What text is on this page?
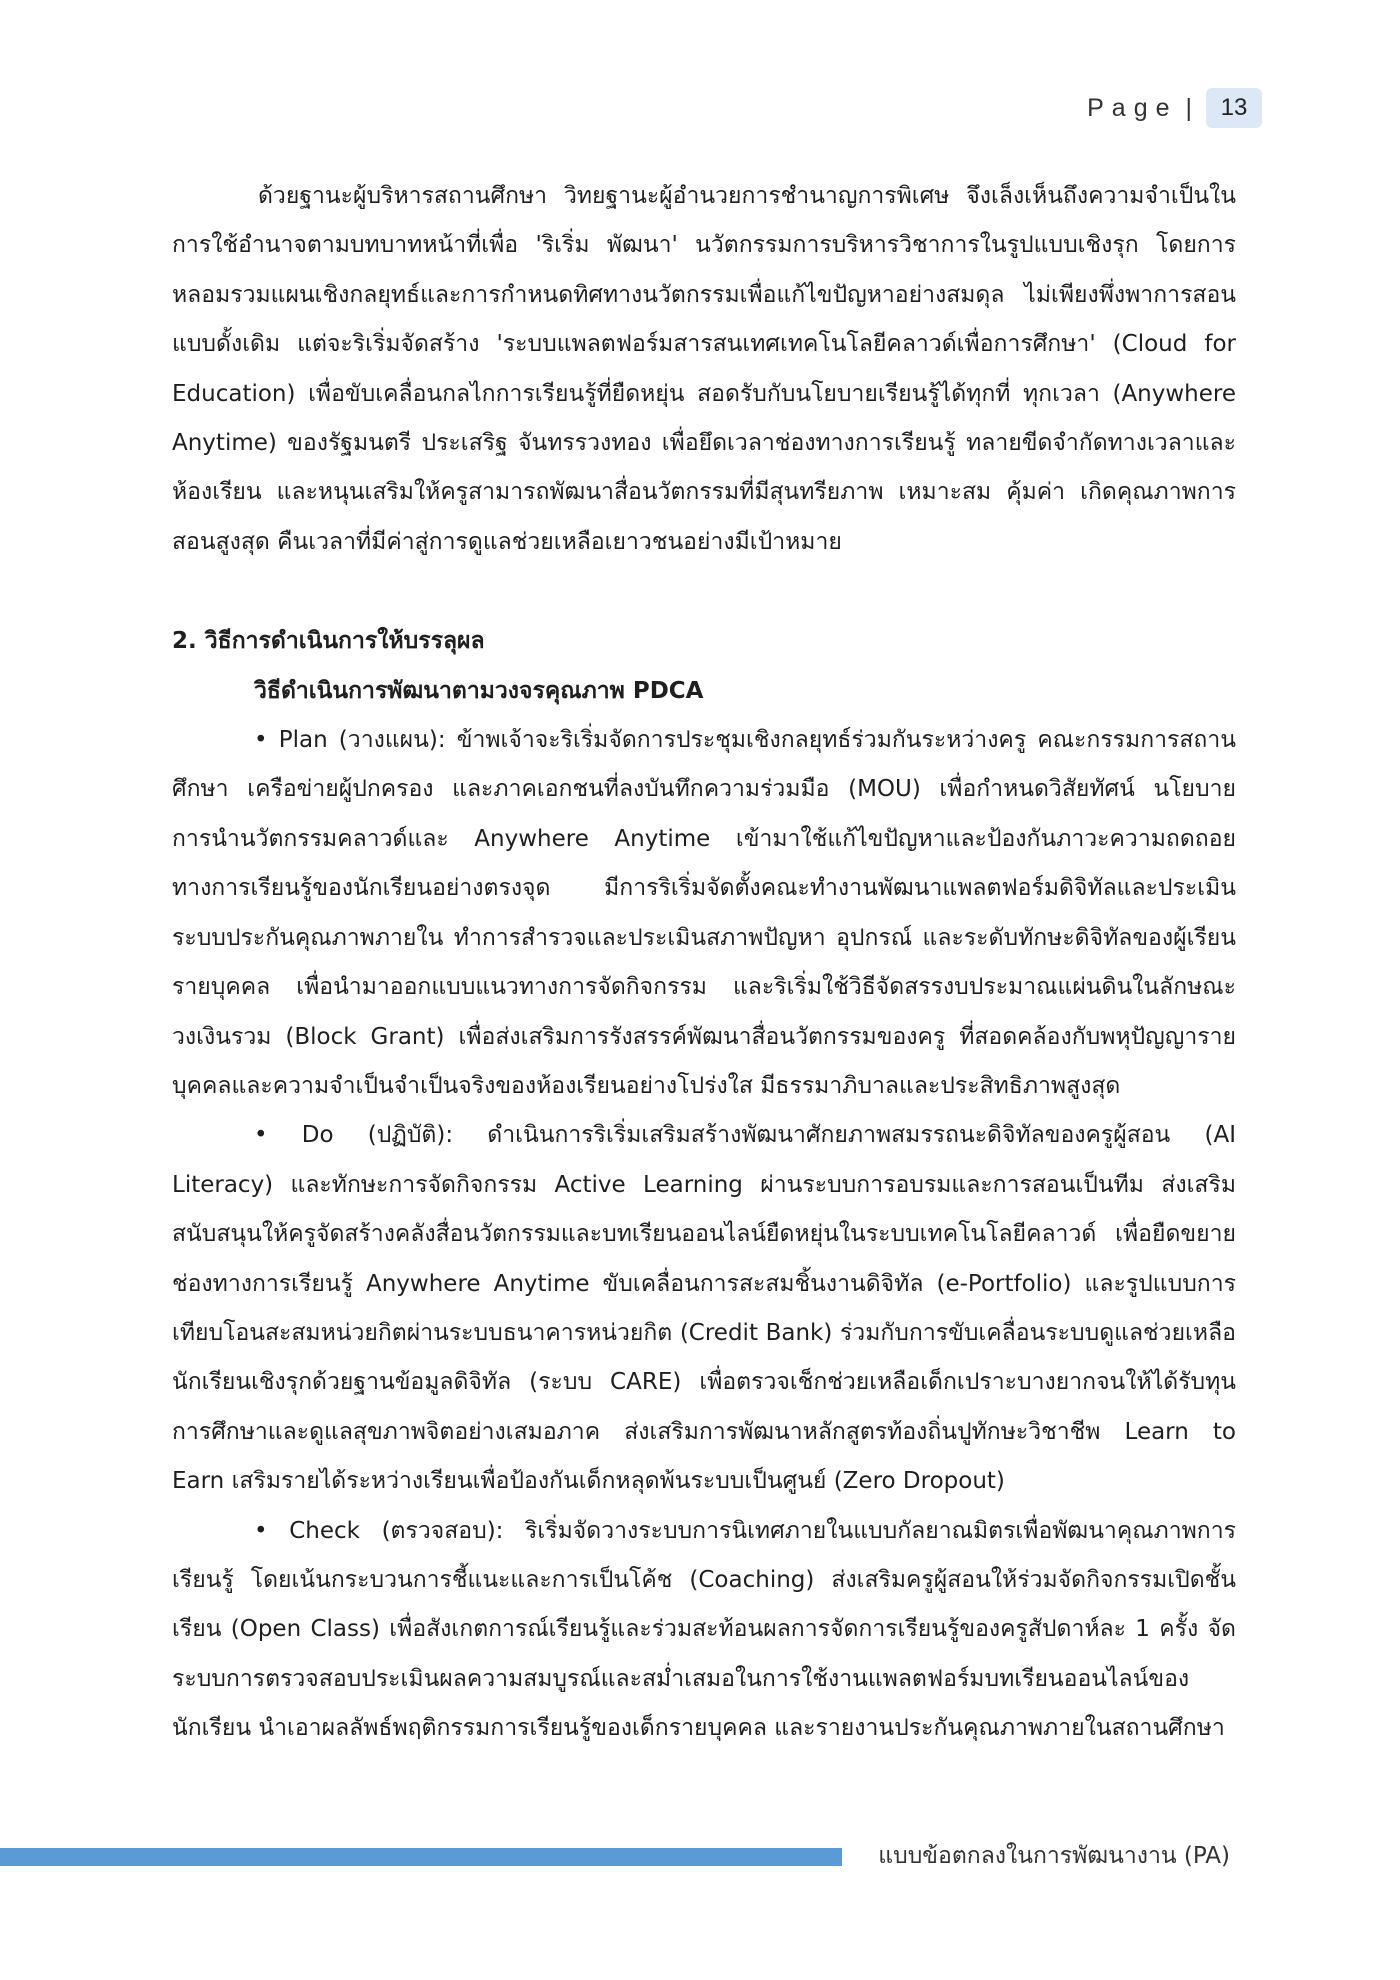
Page |	13

ด้วยฐานะผู้บริหารสถานศึกษา วิทยฐานะผู้อำนวยการชำนาญการพิเศษ จึงเล็งเห็นถึงความจำเป็นในการใช้อำนาจตามบทบาทหน้าที่เพื่อ 'ริเริ่ม พัฒนา' นวัตกรรมการบริหารวิชาการในรูปแบบเชิงรุก โดยการหลอมรวมแผนเชิงกลยุทธ์และการกำหนดทิศทางนวัตกรรมเพื่อแก้ไขปัญหาอย่างสมดุล ไม่เพียงพึ่งพาการสอนแบบดั้งเดิม แต่จะริเริ่มจัดสร้าง 'ระบบแพลตฟอร์มสารสนเทศเทคโนโลยีคลาวด์เพื่อการศึกษา' (Cloud for Education) เพื่อขับเคลื่อนกลไกการเรียนรู้ที่ยืดหยุ่น สอดรับกับนโยบายเรียนรู้ได้ทุกที่ ทุกเวลา (Anywhere Anytime) ของรัฐมนตรี ประเสริฐ จันทรรวงทอง เพื่อยึดเวลาช่องทางการเรียนรู้ ทลายขีดจำกัดทางเวลาและห้องเรียน และหนุนเสริมให้ครูสามารถพัฒนาสื่อนวัตกรรมที่มีสุนทรียภาพ เหมาะสม คุ้มค่า เกิดคุณภาพการสอนสูงสุด คืนเวลาที่มีค่าสู่การดูแลช่วยเหลือเยาวชนอย่างมีเป้าหมาย

2. วิธีการดำเนินการให้บรรลุผล

วิธีดำเนินการพัฒนาตามวงจรคุณภาพ PDCA

• Plan (วางแผน): ข้าพเจ้าจะริเริ่มจัดการประชุมเชิงกลยุทธ์ร่วมกันระหว่างครู คณะกรรมการสถานศึกษา เครือข่ายผู้ปกครอง และภาคเอกชนที่ลงบันทึกความร่วมมือ (MOU) เพื่อกำหนดวิสัยทัศน์ นโยบายการนำนวัตกรรมคลาวด์และ Anywhere Anytime เข้ามาใช้แก้ไขปัญหาและป้องกันภาวะความถดถอยทางการเรียนรู้ของนักเรียนอย่างตรงจุด มีการริเริ่มจัดตั้งคณะทำงานพัฒนาแพลตฟอร์มดิจิทัลและประเมินระบบประกันคุณภาพภายใน ทำการสำรวจและประเมินสภาพปัญหา อุปกรณ์ และระดับทักษะดิจิทัลของผู้เรียนรายบุคคล เพื่อนำมาออกแบบแนวทางการจัดกิจกรรม และริเริ่มใช้วิธีจัดสรรงบประมาณแผ่นดินในลักษณะวงเงินรวม (Block Grant) เพื่อส่งเสริมการรังสรรค์พัฒนาสื่อนวัตกรรมของครู ที่สอดคล้องกับพหุปัญญารายบุคคลและความจำเป็นจำเป็นจริงของห้องเรียนอย่างโปร่งใส มีธรรมาภิบาลและประสิทธิภาพสูงสุด

• Do (ปฏิบัติ): ดำเนินการริเริ่มเสริมสร้างพัฒนาศักยภาพสมรรถนะดิจิทัลของครูผู้สอน (AI Literacy) และทักษะการจัดกิจกรรม Active Learning ผ่านระบบการอบรมและการสอนเป็นทีม ส่งเสริมสนับสนุนให้ครูจัดสร้างคลังสื่อนวัตกรรมและบทเรียนออนไลน์ยืดหยุ่นในระบบเทคโนโลยีคลาวด์ เพื่อยืดขยายช่องทางการเรียนรู้ Anywhere Anytime ขับเคลื่อนการสะสมชิ้นงานดิจิทัล (e-Portfolio) และรูปแบบการเทียบโอนสะสมหน่วยกิตผ่านระบบธนาคารหน่วยกิต (Credit Bank) ร่วมกับการขับเคลื่อนระบบดูแลช่วยเหลือนักเรียนเชิงรุกด้วยฐานข้อมูลดิจิทัล (ระบบ CARE) เพื่อตรวจเช็กช่วยเหลือเด็กเปราะบางยากจนให้ได้รับทุนการศึกษาและดูแลสุขภาพจิตอย่างเสมอภาค ส่งเสริมการพัฒนาหลักสูตรท้องถิ่นปูทักษะวิชาชีพ Learn to Earn เสริมรายได้ระหว่างเรียนเพื่อป้องกันเด็กหลุดพ้นระบบเป็นศูนย์ (Zero Dropout)

• Check (ตรวจสอบ): ริเริ่มจัดวางระบบการนิเทศภายในแบบกัลยาณมิตรเพื่อพัฒนาคุณภาพการเรียนรู้ โดยเน้นกระบวนการชี้แนะและการเป็นโค้ช (Coaching) ส่งเสริมครูผู้สอนให้ร่วมจัดกิจกรรมเปิดชั้นเรียน (Open Class) เพื่อสังเกตการณ์เรียนรู้และร่วมสะท้อนผลการจัดการเรียนรู้ของครูสัปดาห์ละ 1 ครั้ง จัดระบบการตรวจสอบประเมินผลความสมบูรณ์และสม่ำเสมอในการใช้งานแพลตฟอร์มบทเรียนออนไลน์ของนักเรียน นำเอาผลลัพธ์พฤติกรรมการเรียนรู้ของเด็กรายบุคคล และรายงานประกันคุณภาพภายในสถานศึกษา

แบบข้อตกลงในการพัฒนางาน (PA)
